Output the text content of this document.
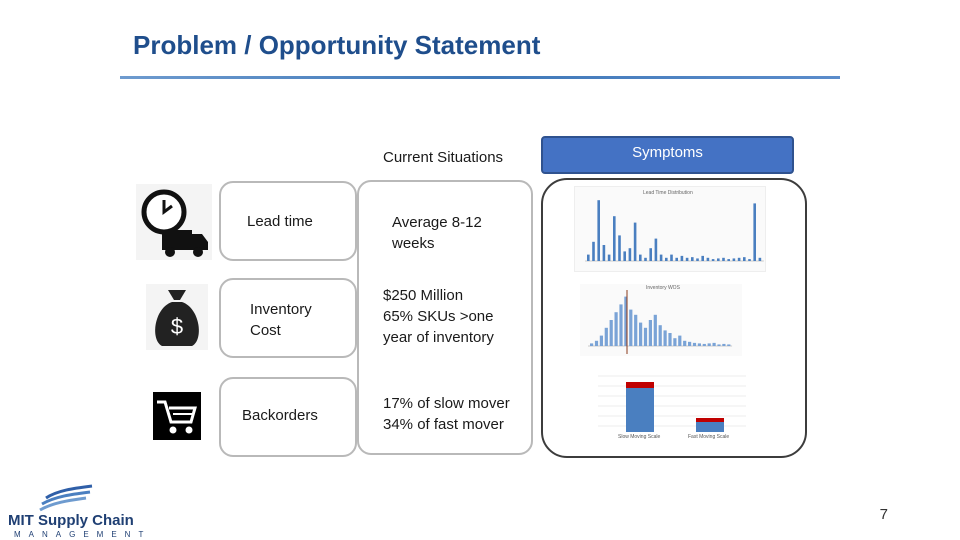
Problem / Opportunity Statement
Current Situations	Symptoms
$
Lead time
Inventory
Cost
Backorders
Average 8-12
weeks
$250 Million
65% SKUs >one
year of inventory
17% of slow mover
34% of fast mover
Lead Time Distribution
Inventory WOS
Slow Moving Scale	Fast Moving Scale
MIT Supply Chain
MANAGEMENT
7
